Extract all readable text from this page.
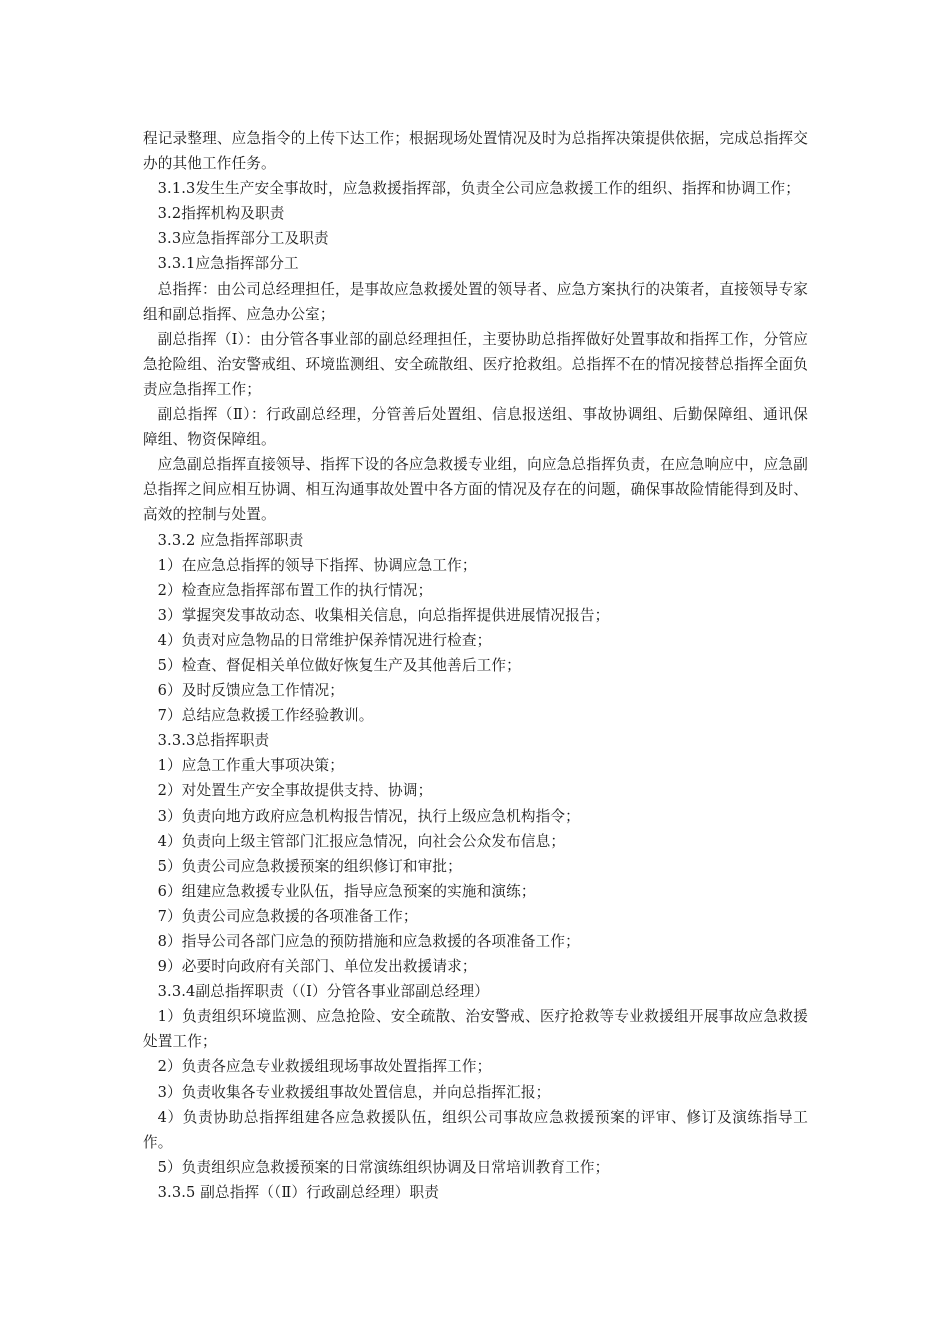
程记录整理、应急指令的上传下达工作；根据现场处置情况及时为总指挥决策提供依据，完成总指挥交办的其他工作任务。

3.1.3发生生产安全事故时，应急救援指挥部，负责全公司应急救援工作的组织、指挥和协调工作；

3.2指挥机构及职责

3.3应急指挥部分工及职责

3.3.1应急指挥部分工

总指挥：由公司总经理担任，是事故应急救援处置的领导者、应急方案执行的决策者，直接领导专家组和副总指挥、应急办公室；

副总指挥（Ⅰ）：由分管各事业部的副总经理担任，主要协助总指挥做好处置事故和指挥工作，分管应急抢险组、治安警戒组、环境监测组、安全疏散组、医疗抢救组。总指挥不在的情况接替总指挥全面负责应急指挥工作；

副总指挥（Ⅱ）：行政副总经理，分管善后处置组、信息报送组、事故协调组、后勤保障组、通讯保障组、物资保障组。

应急副总指挥直接领导、指挥下设的各应急救援专业组，向应急总指挥负责，在应急响应中，应急副总指挥之间应相互协调、相互沟通事故处置中各方面的情况及存在的问题，确保事故险情能得到及时、高效的控制与处置。

3.3.2 应急指挥部职责

1）在应急总指挥的领导下指挥、协调应急工作；

2）检查应急指挥部布置工作的执行情况；

3）掌握突发事故动态、收集相关信息，向总指挥提供进展情况报告；

4）负责对应急物品的日常维护保养情况进行检查；

5）检查、督促相关单位做好恢复生产及其他善后工作；

6）及时反馈应急工作情况；

7）总结应急救援工作经验教训。

3.3.3总指挥职责

1）应急工作重大事项决策；

2）对处置生产安全事故提供支持、协调；

3）负责向地方政府应急机构报告情况，执行上级应急机构指令；

4）负责向上级主管部门汇报应急情况，向社会公众发布信息；

5）负责公司应急救援预案的组织修订和审批；

6）组建应急救援专业队伍，指导应急预案的实施和演练；

7）负责公司应急救援的各项准备工作；

8）指导公司各部门应急的预防措施和应急救援的各项准备工作；

9）必要时向政府有关部门、单位发出救援请求；

3.3.4副总指挥职责（（Ⅰ）分管各事业部副总经理）

1）负责组织环境监测、应急抢险、安全疏散、治安警戒、医疗抢救等专业救援组开展事故应急救援处置工作；

2）负责各应急专业救援组现场事故处置指挥工作；

3）负责收集各专业救援组事故处置信息，并向总指挥汇报；

4）负责协助总指挥组建各应急救援队伍，组织公司事故应急救援预案的评审、修订及演练指导工作。

5）负责组织应急救援预案的日常演练组织协调及日常培训教育工作；

3.3.5 副总指挥（（Ⅱ）行政副总经理）职责
